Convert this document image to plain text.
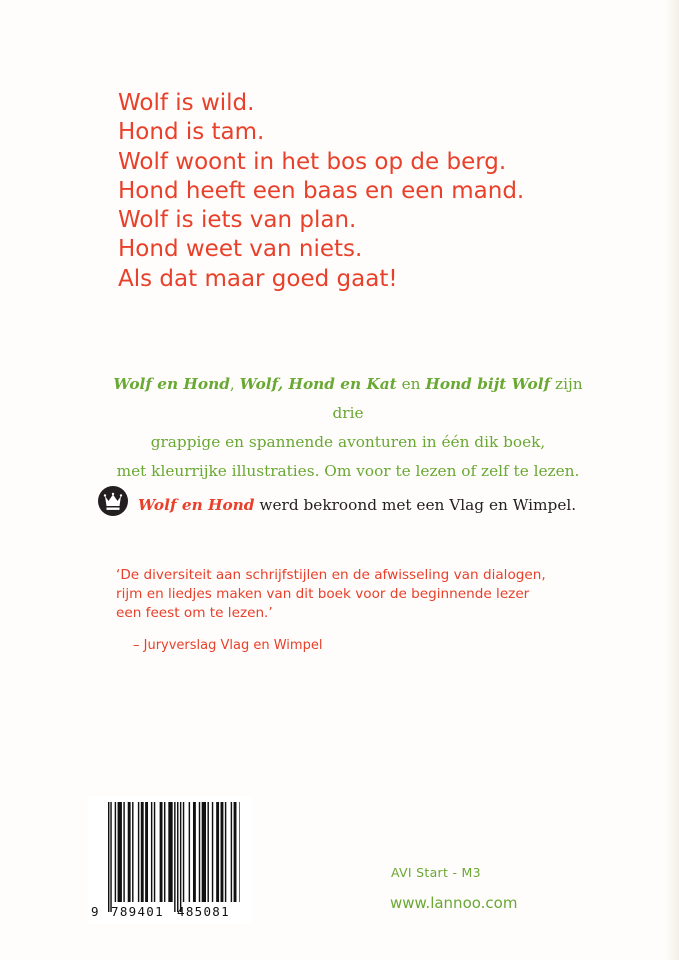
Wolf is wild.
Hond is tam.
Wolf woont in het bos op de berg.
Hond heeft een baas en een mand.
Wolf is iets van plan.
Hond weet van niets.
Als dat maar goed gaat!
Wolf en Hond, Wolf, Hond en Kat en Hond bijt Wolf zijn drie
grappige en spannende avonturen in één dik boek,
met kleurrijke illustraties. Om voor te lezen of zelf te lezen.
Wolf en Hond werd bekroond met een Vlag en Wimpel.
‘De diversiteit aan schrijfstijlen en de afwisseling van dialogen, rijm en liedjes maken van dit boek voor de beginnende lezer een feest om te lezen.’
– Juryverslag Vlag en Wimpel
9 789401 485081
AVI Start - M3
www.lannoo.com
